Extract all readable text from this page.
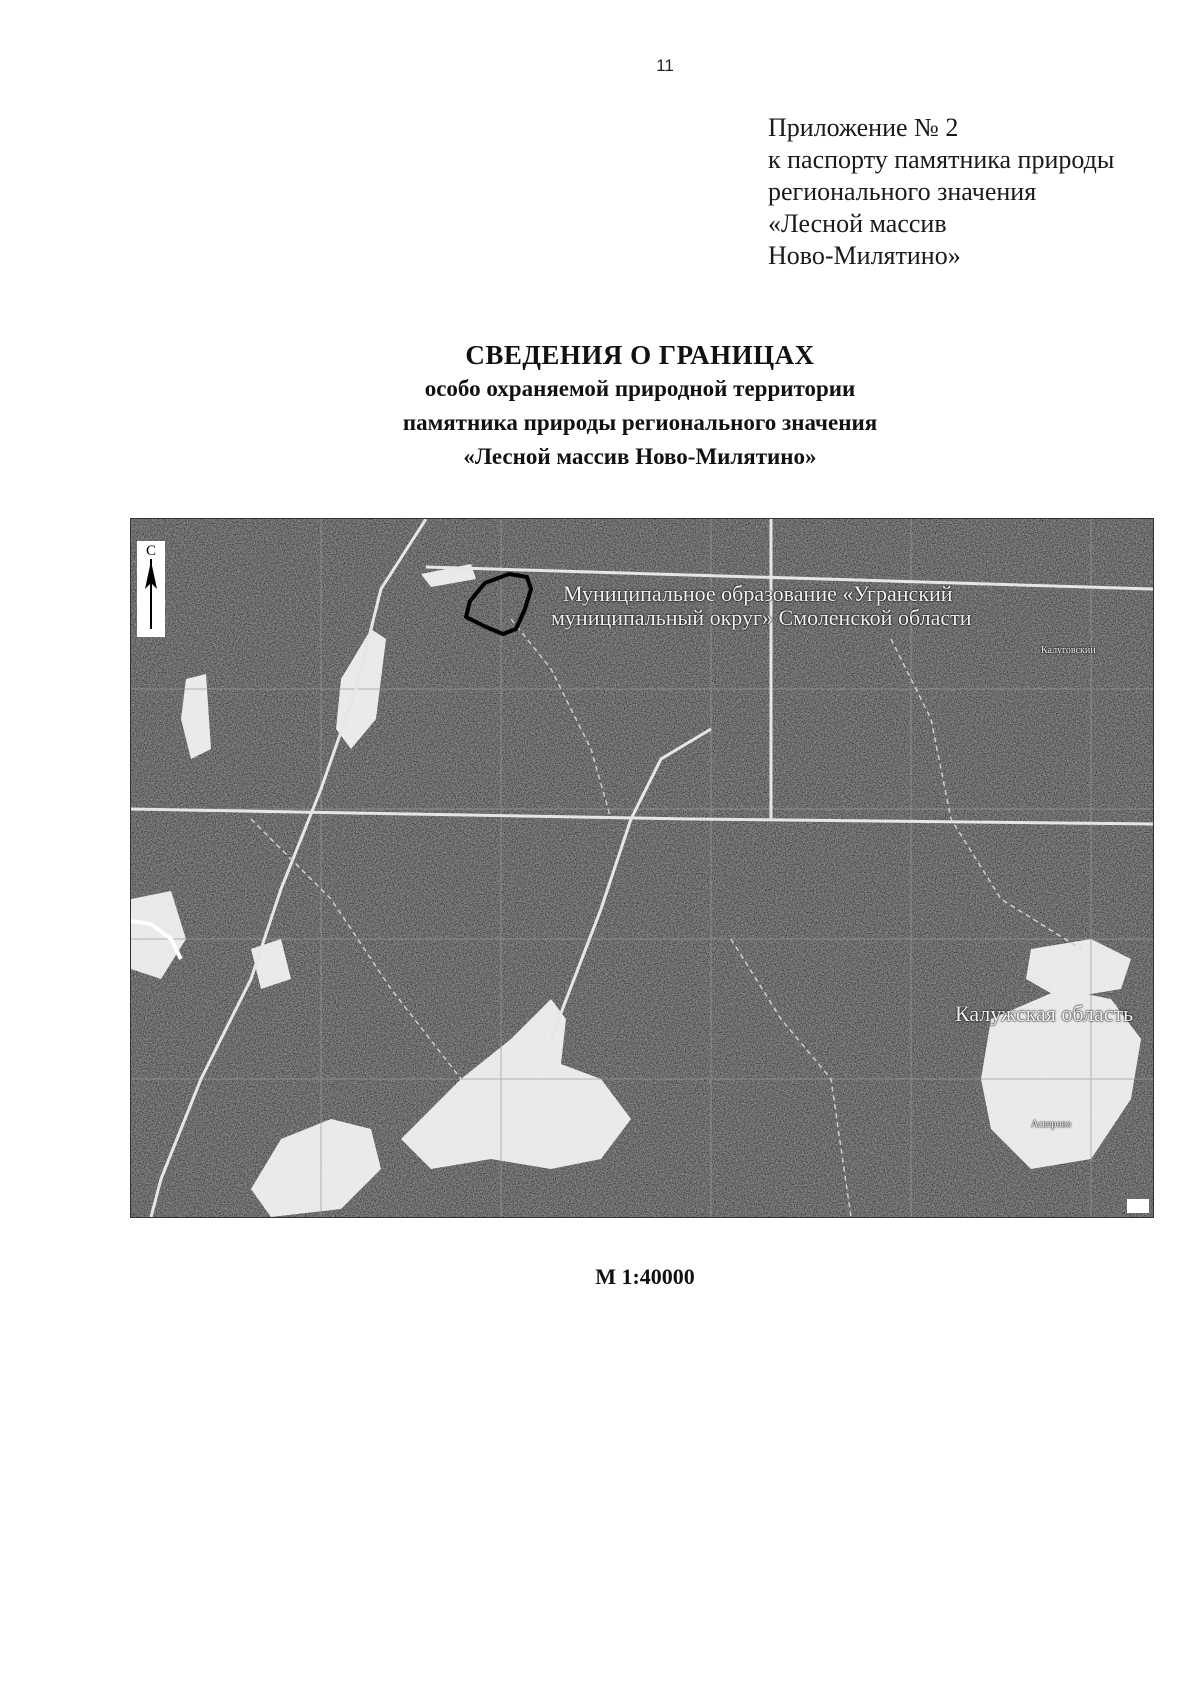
11
Приложение № 2
к паспорту памятника природы
регионального значения
«Лесной массив
Ново-Милятино»
СВЕДЕНИЯ О ГРАНИЦАХ
особо охраняемой природной территории
памятника природы регионального значения
«Лесной массив Ново-Милятино»
С
Муниципальное образование «Угранский
муниципальный округ» Смоленской области
Калуговский
Калужская область
Аскерово
М 1:40000
